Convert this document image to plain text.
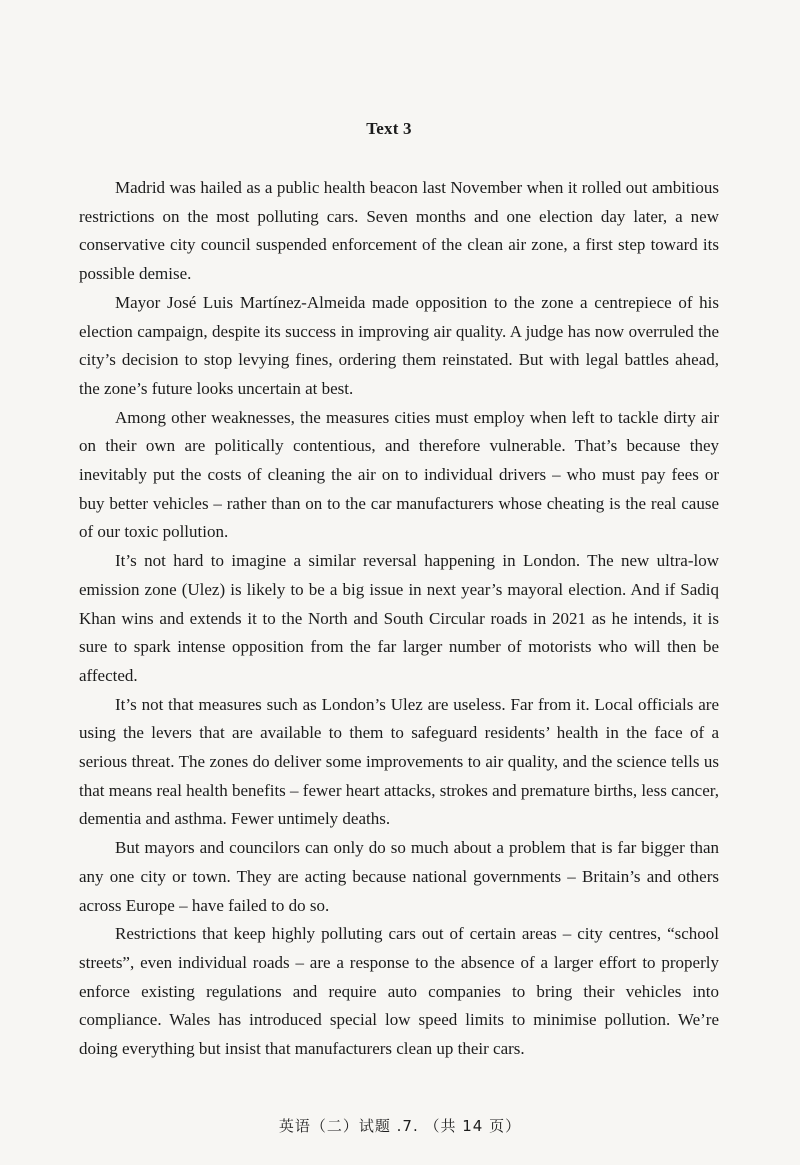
Text 3

Madrid was hailed as a public health beacon last November when it rolled out ambitious restrictions on the most polluting cars. Seven months and one election day later, a new conservative city council suspended enforcement of the clean air zone, a first step toward its possible demise.

Mayor José Luis Martínez-Almeida made opposition to the zone a centrepiece of his election campaign, despite its success in improving air quality. A judge has now overruled the city’s decision to stop levying fines, ordering them reinstated. But with legal battles ahead, the zone’s future looks uncertain at best.

Among other weaknesses, the measures cities must employ when left to tackle dirty air on their own are politically contentious, and therefore vulnerable. That’s because they inevitably put the costs of cleaning the air on to individual drivers – who must pay fees or buy better vehicles – rather than on to the car manufacturers whose cheating is the real cause of our toxic pollution.

It’s not hard to imagine a similar reversal happening in London. The new ultra-low emission zone (Ulez) is likely to be a big issue in next year’s mayoral election. And if Sadiq Khan wins and extends it to the North and South Circular roads in 2021 as he intends, it is sure to spark intense opposition from the far larger number of motorists who will then be affected.

It’s not that measures such as London’s Ulez are useless. Far from it. Local officials are using the levers that are available to them to safeguard residents’ health in the face of a serious threat. The zones do deliver some improvements to air quality, and the science tells us that means real health benefits – fewer heart attacks, strokes and premature births, less cancer, dementia and asthma. Fewer untimely deaths.

But mayors and councilors can only do so much about a problem that is far bigger than any one city or town. They are acting because national governments – Britain’s and others across Europe – have failed to do so.

Restrictions that keep highly polluting cars out of certain areas – city centres, “school streets”, even individual roads – are a response to the absence of a larger effort to properly enforce existing regulations and require auto companies to bring their vehicles into compliance. Wales has introduced special low speed limits to minimise pollution. We’re doing everything but insist that manufacturers clean up their cars.

英语（二）试题 .7. （共 14 页）
